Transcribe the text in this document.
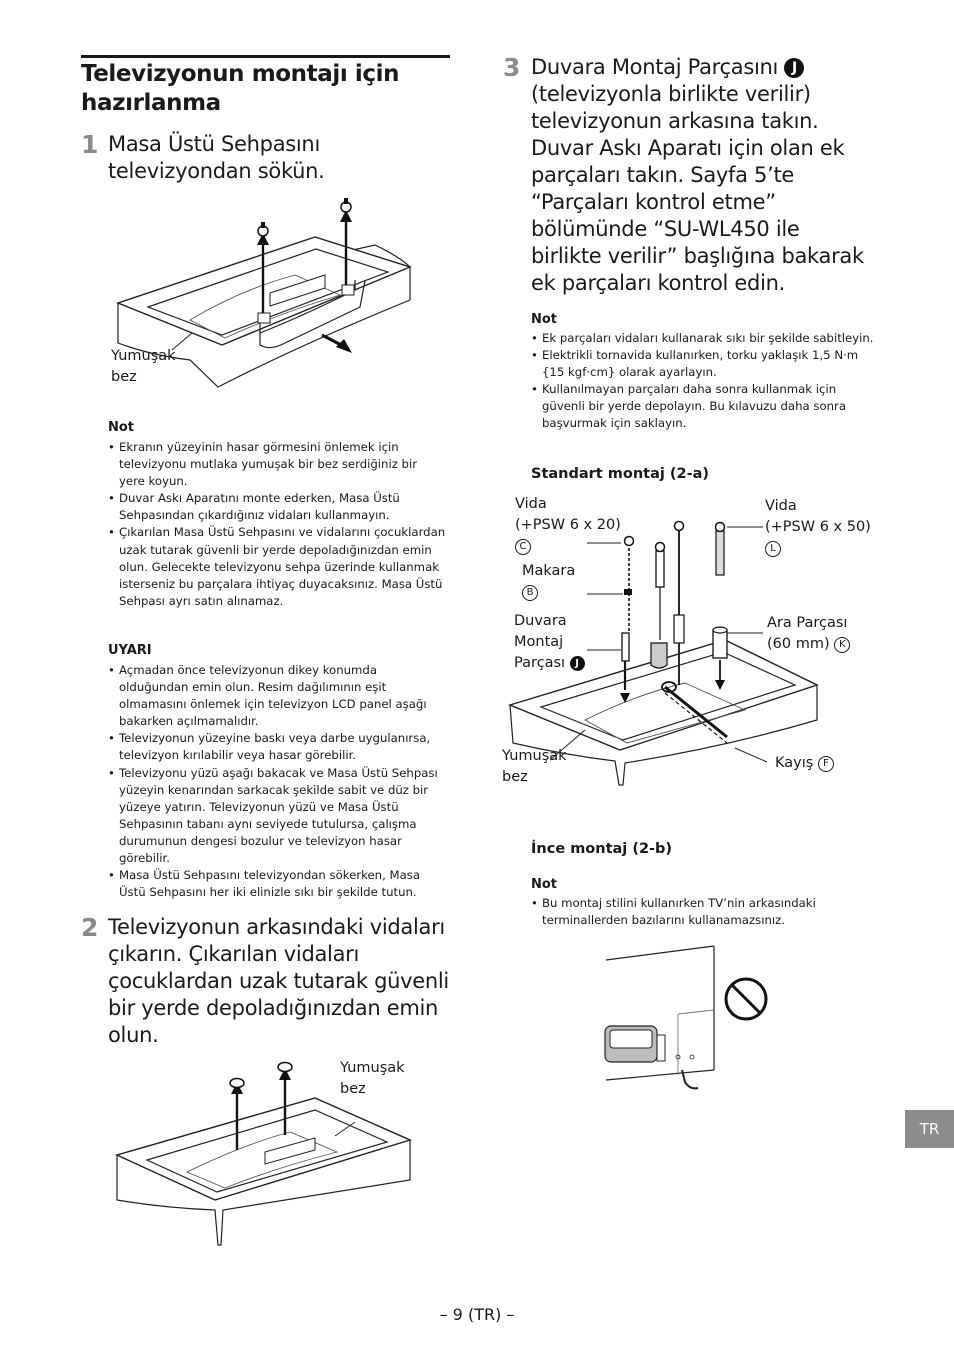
Televizyonun montajı için hazırlanma
1 Masa Üstü Sehpasını televizyondan sökün.
Yumuşak
bez
Not
• Ekranın yüzeyinin hasar görmesini önlemek için televizyonu mutlaka yumuşak bir bez serdiğiniz bir yere koyun.
• Duvar Askı Aparatını monte ederken, Masa Üstü Sehpasından çıkardığınız vidaları kullanmayın.
• Çıkarılan Masa Üstü Sehpasını ve vidalarını çocuklardan uzak tutarak güvenli bir yerde depoladığınızdan emin olun. Gelecekte televizyonu sehpa üzerinde kullanmak isterseniz bu parçalara ihtiyaç duyacaksınız. Masa Üstü Sehpası ayrı satın alınamaz.
UYARI
• Açmadan önce televizyonun dikey konumda olduğundan emin olun. Resim dağılımının eşit olmamasını önlemek için televizyon LCD panel aşağı bakarken açılmamalıdır.
• Televizyonun yüzeyine baskı veya darbe uygulanırsa, televizyon kırılabilir veya hasar görebilir.
• Televizyonu yüzü aşağı bakacak ve Masa Üstü Sehpası yüzeyin kenarından sarkacak şekilde sabit ve düz bir yüzeye yatırın. Televizyonun yüzü ve Masa Üstü Sehpasının tabanı aynı seviyede tutulursa, çalışma durumunun dengesi bozulur ve televizyon hasar görebilir.
• Masa Üstü Sehpasını televizyondan sökerken, Masa Üstü Sehpasını her iki elinizle sıkı bir şekilde tutun.
2 Televizyonun arkasındaki vidaları çıkarın. Çıkarılan vidaları çocuklardan uzak tutarak güvenli bir yerde depoladığınızdan emin olun.
Yumuşak
bez
3 Duvara Montaj Parçasını J (televizyonla birlikte verilir) televizyonun arkasına takın. Duvar Askı Aparatı için olan ek parçaları takın. Sayfa 5’te “Parçaları kontrol etme” bölümünde “SU-WL450 ile birlikte verilir” başlığına bakarak ek parçaları kontrol edin.
Not
• Ek parçaları vidaları kullanarak sıkı bir şekilde sabitleyin.
• Elektrikli tornavida kullanırken, torku yaklaşık 1,5 N·m {15 kgf·cm} olarak ayarlayın.
• Kullanılmayan parçaları daha sonra kullanmak için güvenli bir yerde depolayın. Bu kılavuzu daha sonra başvurmak için saklayın.
Standart montaj (2-a)
Vida
(+PSW 6 x 20)
C
Makara
B
Duvara
Montaj
Parçası J
Yumuşak
bez
Vida
(+PSW 6 x 50)
L
Ara Parçası
(60 mm) K
Kayış F
İnce montaj (2-b)
Not
• Bu montaj stilini kullanırken TV’nin arkasındaki terminallerden bazılarını kullanamazsınız.
TR
– 9 (TR) –
